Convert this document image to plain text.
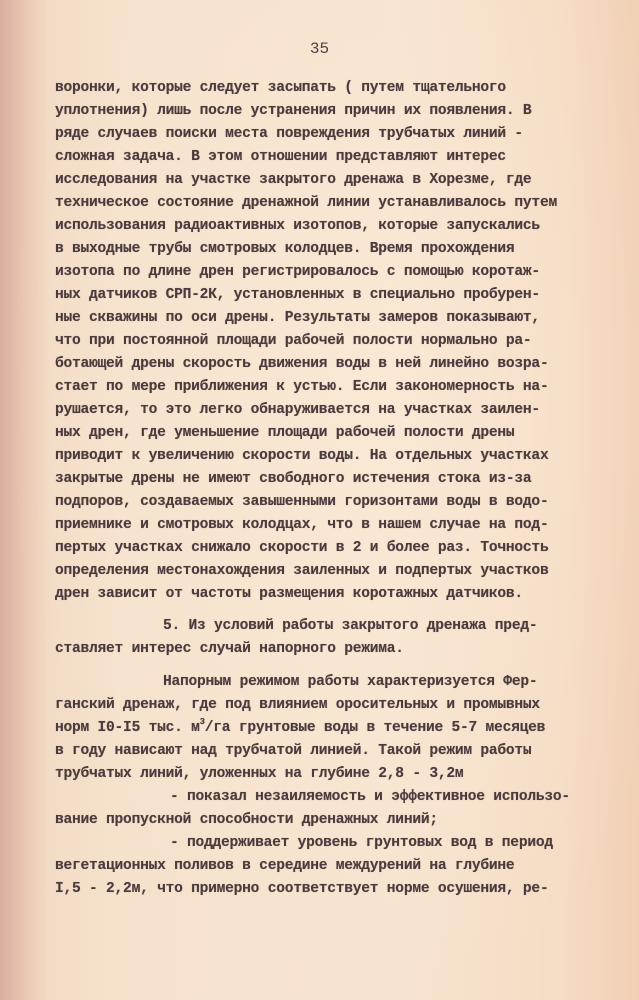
35
воронки, которые следует засыпать ( путем тщательного
уплотнения) лишь после устранения причин их появления. В
ряде случаев поиски места повреждения трубчатых линий -
сложная задача. В этом отношении представляют интерес
исследования на участке закрытого дренажа в Хорезме, где
техническое состояние дренажной линии устанавливалось путем
использования радиоактивных изотопов, которые запускались
в выходные трубы смотровых колодцев. Время прохождения
изотопа по длине дрен регистрировалось с помощью коротаж-
ных датчиков СРП-2К, установленных в специально пробурен-
ные скважины по оси дрены. Результаты замеров показывают,
что при постоянной площади рабочей полости нормально ра-
ботающей дрены скорость движения воды в ней линейно возра-
стает по мере приближения к устью. Если закономерность на-
рушается, то это легко обнаруживается на участках заилен-
ных дрен, где уменьшение площади рабочей полости дрены
приводит к увеличению скорости воды. На отдельных участках
закрытые дрены не имеют свободного истечения стока из-за
подпоров, создаваемых завышенными горизонтами воды в водо-
приемнике и смотровых колодцах, что в нашем случае на под-
пертых участках снижало скорости в 2 и более раз. Точность
определения местонахождения заиленных и подпертых участков
дрен зависит от частоты размещения коротажных датчиков.
5. Из условий работы закрытого дренажа пред-
ставляет интерес случай напорного режима.
Напорным режимом работы характеризуется Фер-
ганский дренаж, где под влиянием оросительных и промывных
норм I0-I5 тыс. $м^3/га$ грунтовые воды в течение 5-7 месяцев
в году нависают над трубчатой линией. Такой режим работы
трубчатых линий, уложенных на глубине 2,8 - 3,2м
- показал незаиляемость и эффективное использо-
вание пропускной способности дренажных линий;
- поддерживает уровень грунтовых вод в период
вегетационных поливов в середине междурений на глубине
I,5 - 2,2м, что примерно соответствует норме осушения, ре-
